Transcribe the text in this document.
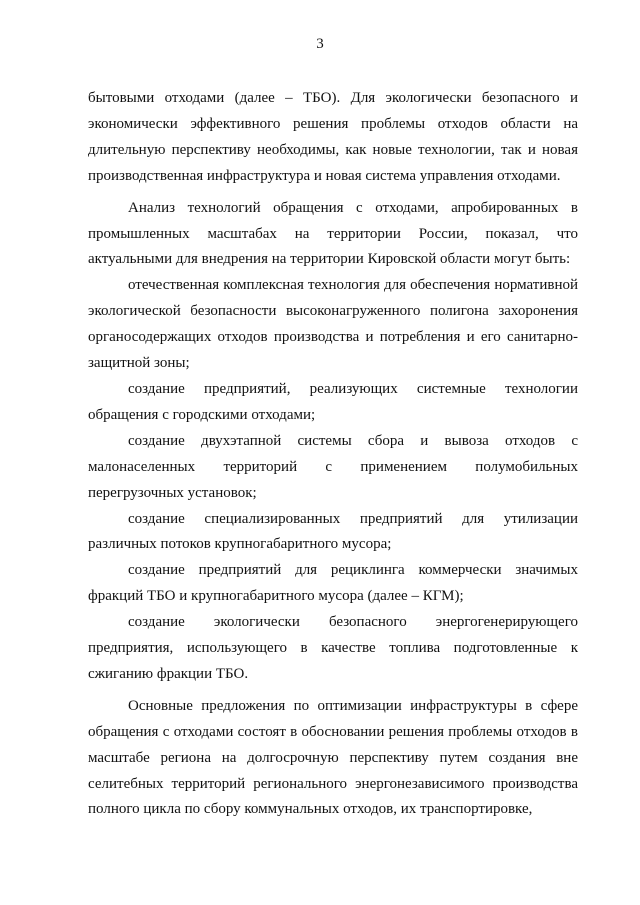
3

бытовыми отходами (далее – ТБО). Для экологически безопасного и экономически эффективного решения проблемы отходов области на длительную перспективу необходимы, как новые технологии, так и новая производственная инфраструктура и новая система управления отходами.

Анализ технологий обращения с отходами, апробированных в промышленных масштабах на территории России, показал, что актуальными для внедрения на территории Кировской области могут быть:

отечественная комплексная технология для обеспечения нормативной экологической безопасности высоконагруженного полигона захоронения органосодержащих отходов производства и потребления и его санитарно-защитной зоны;

создание предприятий, реализующих системные технологии обращения с городскими отходами;

создание двухэтапной системы сбора и вывоза отходов с малонаселенных территорий с применением полумобильных перегрузочных установок;

создание специализированных предприятий для утилизации различных потоков крупногабаритного мусора;

создание предприятий для рециклинга коммерчески значимых фракций ТБО и крупногабаритного мусора (далее – КГМ);

создание экологически безопасного энергогенерирующего предприятия, использующего в качестве топлива подготовленные к сжиганию фракции ТБО.

Основные предложения по оптимизации инфраструктуры в сфере обращения с отходами состоят в обосновании решения проблемы отходов в масштабе региона на долгосрочную перспективу путем создания вне селитебных территорий регионального энергонезависимого производства полного цикла по сбору коммунальных отходов, их транспортировке,
